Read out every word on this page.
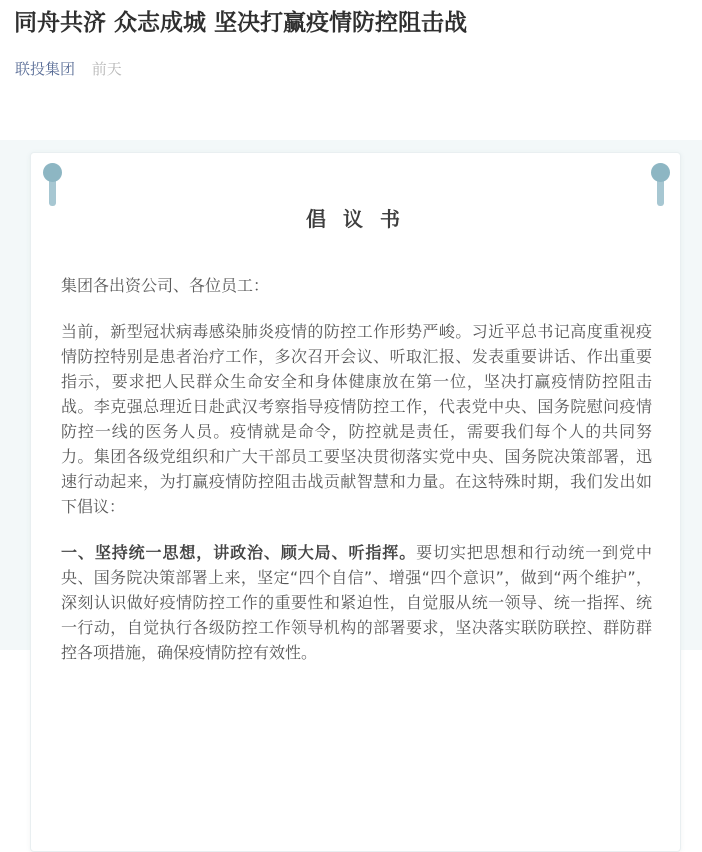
同舟共济 众志成城 坚决打赢疫情防控阻击战
联投集团 前天
倡 议 书

集团各出资公司、各位员工：

当前，新型冠状病毒感染肺炎疫情的防控工作形势严峻。习近平总书记高度重视疫情防控特别是患者治疗工作，多次召开会议、听取汇报、发表重要讲话、作出重要指示，要求把人民群众生命安全和身体健康放在第一位，坚决打赢疫情防控阻击战。李克强总理近日赴武汉考察指导疫情防控工作，代表党中央、国务院慰问疫情防控一线的医务人员。疫情就是命令，防控就是责任，需要我们每个人的共同努力。集团各级党组织和广大干部员工要坚决贯彻落实党中央、国务院决策部署，迅速行动起来，为打赢疫情防控阻击战贡献智慧和力量。在这特殊时期，我们发出如下倡议：

一、坚持统一思想，讲政治、顾大局、听指挥。要切实把思想和行动统一到党中央、国务院决策部署上来，坚定“四个自信”、增强“四个意识”，做到“两个维护”，深刻认识做好疫情防控工作的重要性和紧迫性，自觉服从统一领导、统一指挥、统一行动，自觉执行各级防控工作领导机构的部署要求，坚决落实联防联控、群防群控各项措施，确保疫情防控有效性。
